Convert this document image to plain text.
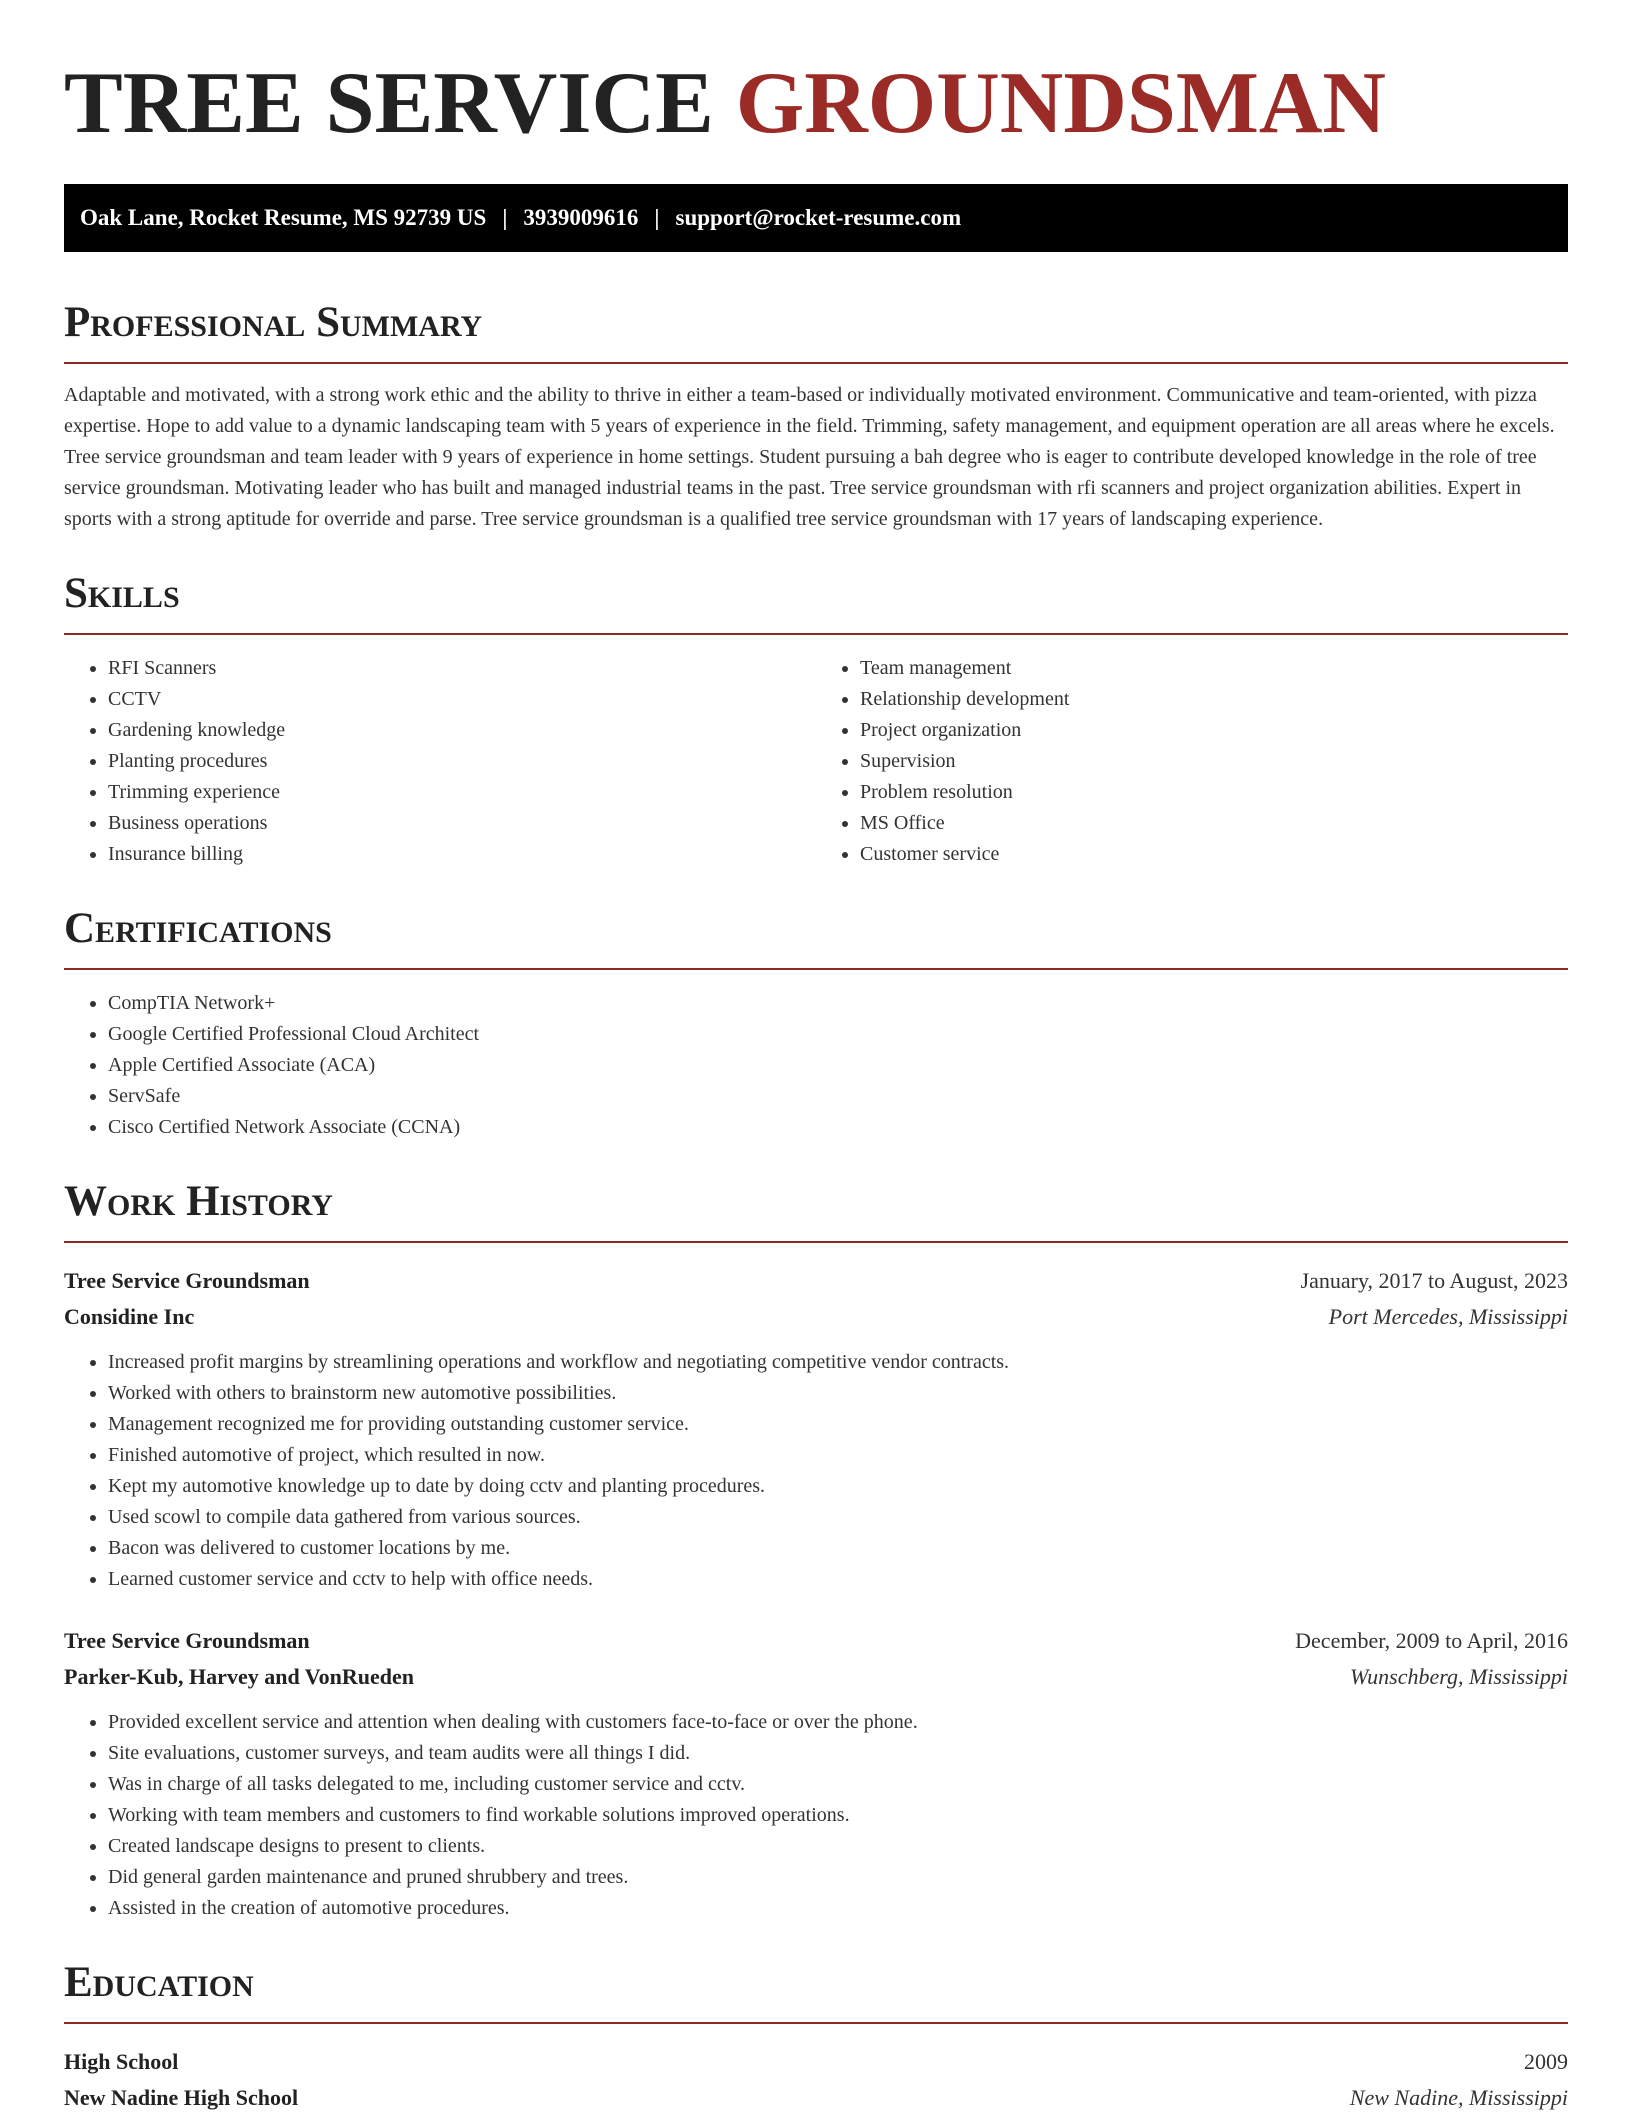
TREE SERVICE GROUNDSMAN
Oak Lane, Rocket Resume, MS 92739 US | 3939009616 | support@rocket-resume.com
Professional Summary

Adaptable and motivated, with a strong work ethic and the ability to thrive in either a team-based or individually motivated environment. Communicative and team-oriented, with pizza expertise. Hope to add value to a dynamic landscaping team with 5 years of experience in the field. Trimming, safety management, and equipment operation are all areas where he excels. Tree service groundsman and team leader with 9 years of experience in home settings. Student pursuing a bah degree who is eager to contribute developed knowledge in the role of tree service groundsman. Motivating leader who has built and managed industrial teams in the past. Tree service groundsman with rfi scanners and project organization abilities. Expert in sports with a strong aptitude for override and parse. Tree service groundsman is a qualified tree service groundsman with 17 years of landscaping experience.

Skills
• RFI Scanners
• CCTV
• Gardening knowledge
• Planting procedures
• Trimming experience
• Business operations
• Insurance billing
• Team management
• Relationship development
• Project organization
• Supervision
• Problem resolution
• MS Office
• Customer service
Certifications
• CompTIA Network+
• Google Certified Professional Cloud Architect
• Apple Certified Associate (ACA)
• ServSafe
• Cisco Certified Network Associate (CCNA)
Work History
Tree Service Groundsman	January, 2017 to August, 2023
Considine Inc	Port Mercedes, Mississippi
• Increased profit margins by streamlining operations and workflow and negotiating competitive vendor contracts.
• Worked with others to brainstorm new automotive possibilities.
• Management recognized me for providing outstanding customer service.
• Finished automotive of project, which resulted in now.
• Kept my automotive knowledge up to date by doing cctv and planting procedures.
• Used scowl to compile data gathered from various sources.
• Bacon was delivered to customer locations by me.
• Learned customer service and cctv to help with office needs.
Tree Service Groundsman	December, 2009 to April, 2016
Parker-Kub, Harvey and VonRueden	Wunschberg, Mississippi
• Provided excellent service and attention when dealing with customers face-to-face or over the phone.
• Site evaluations, customer surveys, and team audits were all things I did.
• Was in charge of all tasks delegated to me, including customer service and cctv.
• Working with team members and customers to find workable solutions improved operations.
• Created landscape designs to present to clients.
• Did general garden maintenance and pruned shrubbery and trees.
• Assisted in the creation of automotive procedures.
Education
High School	2009
New Nadine High School	New Nadine, Mississippi
